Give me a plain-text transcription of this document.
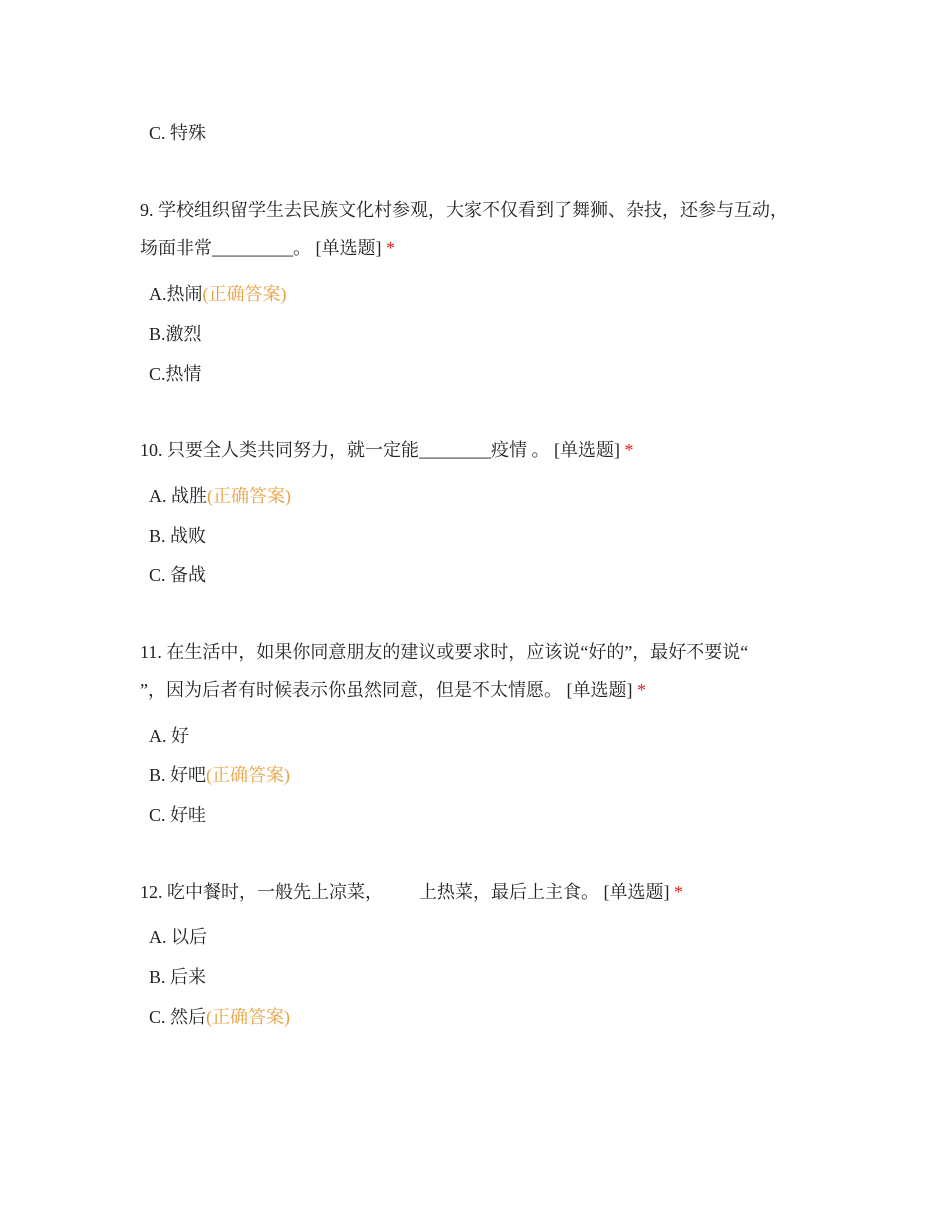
C. 特殊
9. 学校组织留学生去民族文化村参观，大家不仅看到了舞狮、杂技，还参与互动，
场面非常_________。 [单选题] *
A.热闹(正确答案)
B.激烈
C.热情
10. 只要全人类共同努力，就一定能________疫情 。 [单选题] *
A. 战胜(正确答案)
B. 战败
C. 备战
11. 在生活中，如果你同意朋友的建议或要求时，应该说“好的”，最好不要说“
”，因为后者有时候表示你虽然同意，但是不太情愿。 [单选题] *
A. 好
B. 好吧(正确答案)
C. 好哇
12. 吃中餐时，一般先上凉菜，        上热菜，最后上主食。 [单选题] *
A. 以后
B. 后来
C. 然后(正确答案)
